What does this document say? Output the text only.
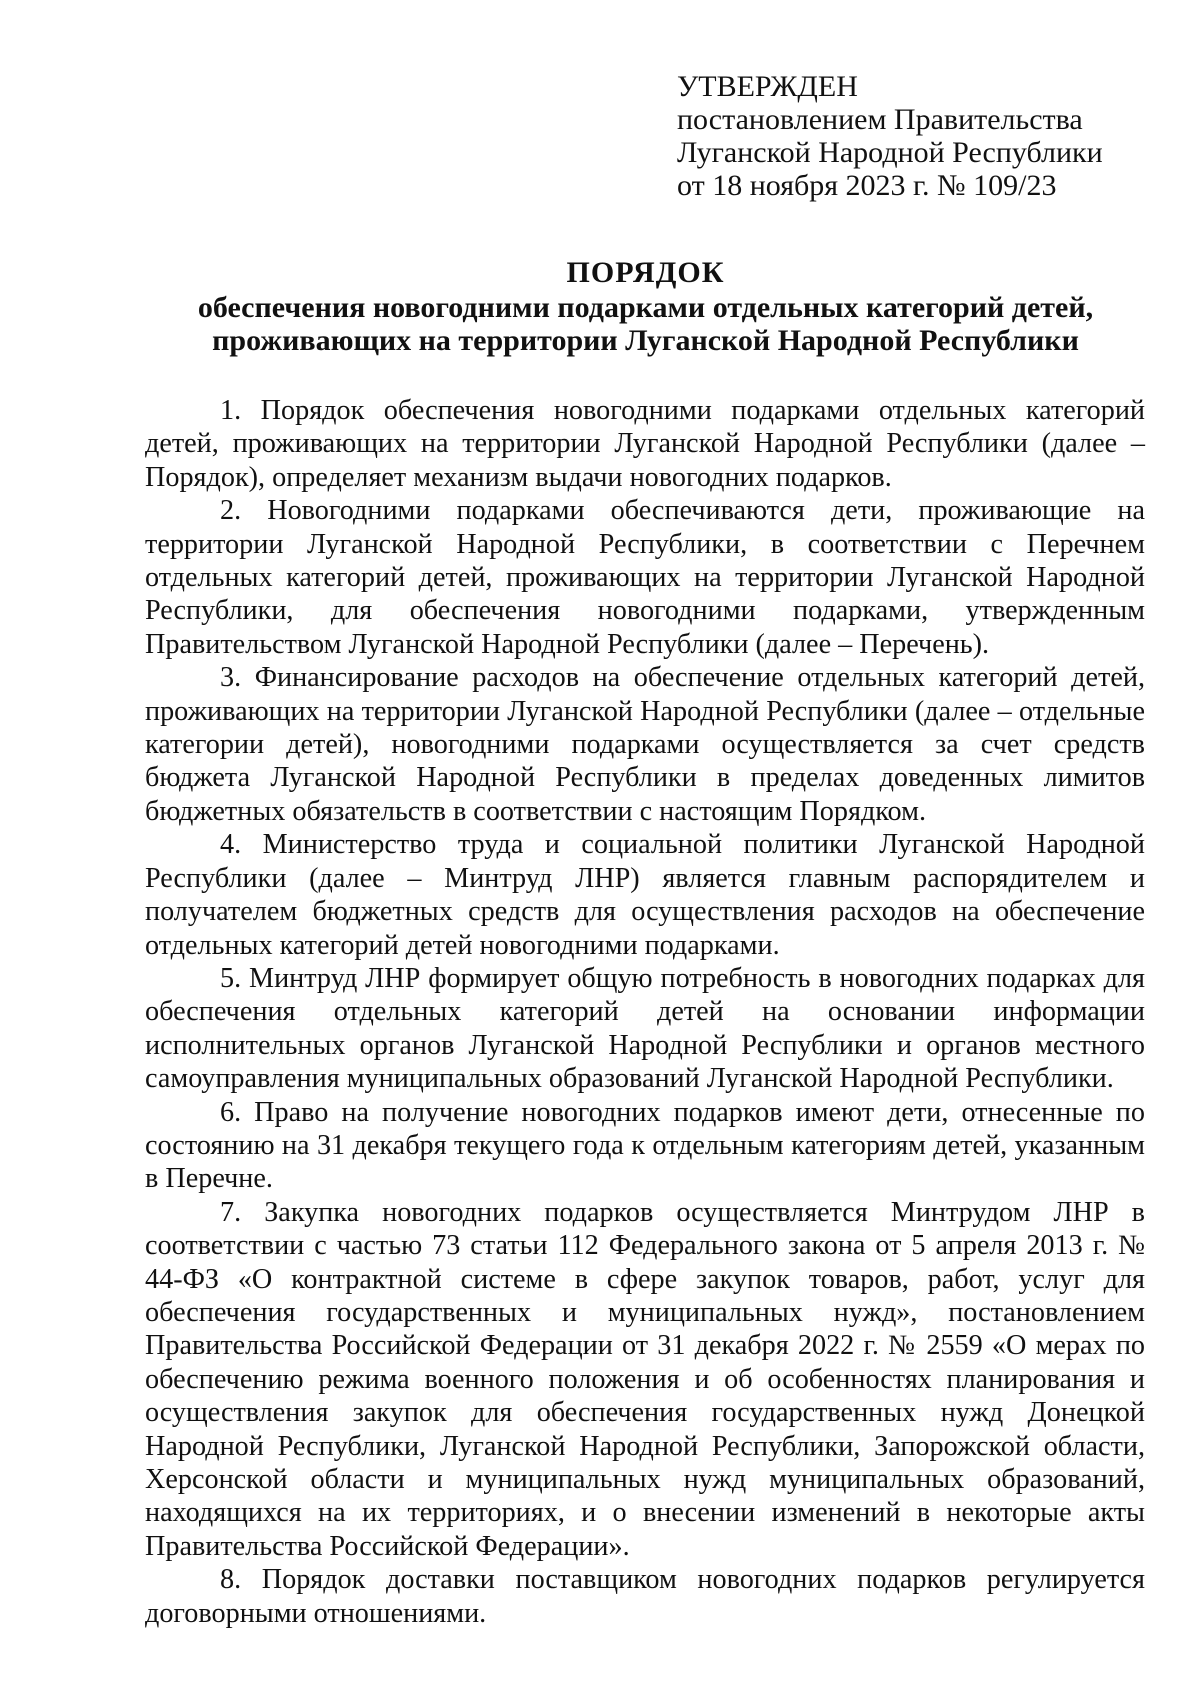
УТВЕРЖДЕН
постановлением Правительства
Луганской Народной Республики
от 18 ноября 2023 г. № 109/23
ПОРЯДОК
обеспечения новогодними подарками отдельных категорий детей,
проживающих на территории Луганской Народной Республики

1. Порядок обеспечения новогодними подарками отдельных категорий детей, проживающих на территории Луганской Народной Республики (далее – Порядок), определяет механизм выдачи новогодних подарков.

2. Новогодними подарками обеспечиваются дети, проживающие на территории Луганской Народной Республики, в соответствии с Перечнем отдельных категорий детей, проживающих на территории Луганской Народной Республики, для обеспечения новогодними подарками, утвержденным Правительством Луганской Народной Республики (далее – Перечень).

3. Финансирование расходов на обеспечение отдельных категорий детей, проживающих на территории Луганской Народной Республики (далее – отдельные категории детей), новогодними подарками осуществляется за счет средств бюджета Луганской Народной Республики в пределах доведенных лимитов бюджетных обязательств в соответствии с настоящим Порядком.

4. Министерство труда и социальной политики Луганской Народной Республики (далее – Минтруд ЛНР) является главным распорядителем и получателем бюджетных средств для осуществления расходов на обеспечение отдельных категорий детей новогодними подарками.

5. Минтруд ЛНР формирует общую потребность в новогодних подарках для обеспечения отдельных категорий детей на основании информации исполнительных органов Луганской Народной Республики и органов местного самоуправления муниципальных образований Луганской Народной Республики.

6. Право на получение новогодних подарков имеют дети, отнесенные по состоянию на 31 декабря текущего года к отдельным категориям детей, указанным в Перечне.

7. Закупка новогодних подарков осуществляется Минтрудом ЛНР в соответствии с частью 73 статьи 112 Федерального закона от 5 апреля 2013 г. № 44-ФЗ «О контрактной системе в сфере закупок товаров, работ, услуг для обеспечения государственных и муниципальных нужд», постановлением Правительства Российской Федерации от 31 декабря 2022 г. № 2559 «О мерах по обеспечению режима военного положения и об особенностях планирования и осуществления закупок для обеспечения государственных нужд Донецкой Народной Республики, Луганской Народной Республики, Запорожской области, Херсонской области и муниципальных нужд муниципальных образований, находящихся на их территориях, и о внесении изменений в некоторые акты Правительства Российской Федерации».

8. Порядок доставки поставщиком новогодних подарков регулируется договорными отношениями.
